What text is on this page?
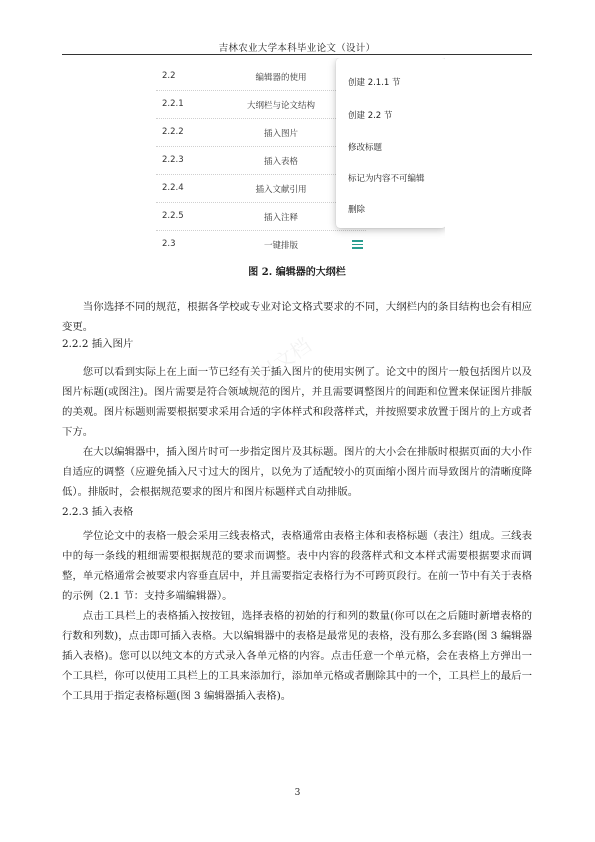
吉林农业大学本科毕业论文（设计）
2.2	编辑器的使用
2.2.1	大纲栏与论文结构
2.2.2	插入图片
2.2.3	插入表格
2.2.4	插入文献引用
2.2.5	插入注释
2.3	一键排版
创建 2.1.1 节
创建 2.2 节
修改标题
标记为内容不可编辑
删除
图 2. 编辑器的大纲栏
当你选择不同的规范，根据各学校或专业对论文格式要求的不同，大纲栏内的条目结构也会有相应变更。
2.2.2 插入图片
您可以看到实际上在上面一节已经有关于插入图片的使用实例了。论文中的图片一般包括图片以及图片标题(或图注)。图片需要是符合领域规范的图片，并且需要调整图片的间距和位置来保证图片排版的美观。图片标题则需要根据要求采用合适的字体样式和段落样式，并按照要求放置于图片的上方或者下方。
在大以编辑器中，插入图片时可一步指定图片及其标题。图片的大小会在排版时根据页面的大小作自适应的调整（应避免插入尺寸过大的图片，以免为了适配较小的页面缩小图片而导致图片的清晰度降低）。排版时，会根据规范要求的图片和图片标题样式自动排版。
2.2.3 插入表格
学位论文中的表格一般会采用三线表格式，表格通常由表格主体和表格标题（表注）组成。三线表中的每一条线的粗细需要根据规范的要求而调整。表中内容的段落样式和文本样式需要根据要求而调整，单元格通常会被要求内容垂直居中，并且需要指定表格行为不可跨页段行。在前一节中有关于表格的示例（2.1 节：支持多端编辑器）。
点击工具栏上的表格插入按按钮，选择表格的初始的行和列的数量(你可以在之后随时新增表格的行数和列数)，点击即可插入表格。大以编辑器中的表格是最常见的表格，没有那么多套路(图 3 编辑器插入表格)。您可以以纯文本的方式录入各单元格的内容。点击任意一个单元格，会在表格上方弹出一个工具栏，你可以使用工具栏上的工具来添加行，添加单元格或者删除其中的一个，工具栏上的最后一个工具用于指定表格标题(图 3 编辑器插入表格)。
大以文档
3
